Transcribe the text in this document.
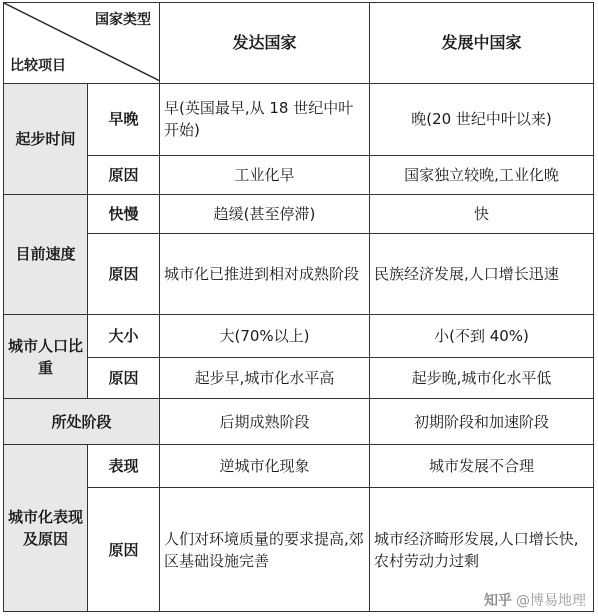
国家类型
比较项目		发达国家	发展中国家
起步时间	早晚	早(英国最早,从 18 世纪中叶开始)	晚(20 世纪中叶以来)
	原因	工业化早	国家独立较晚,工业化晚
目前速度	快慢	趋缓(甚至停滞)	快
	原因	城市化已推进到相对成熟阶段	民族经济发展,人口增长迅速
城市人口比重	大小	大(70%以上)	小(不到 40%)
	原因	起步早,城市化水平高	起步晚,城市化水平低
所处阶段		后期成熟阶段	初期阶段和加速阶段
城市化表现及原因	表现	逆城市化现象	城市发展不合理
	原因	人们对环境质量的要求提高,郊区基础设施完善	城市经济畸形发展,人口增长快,农村劳动力过剩
知乎 @博易地理
